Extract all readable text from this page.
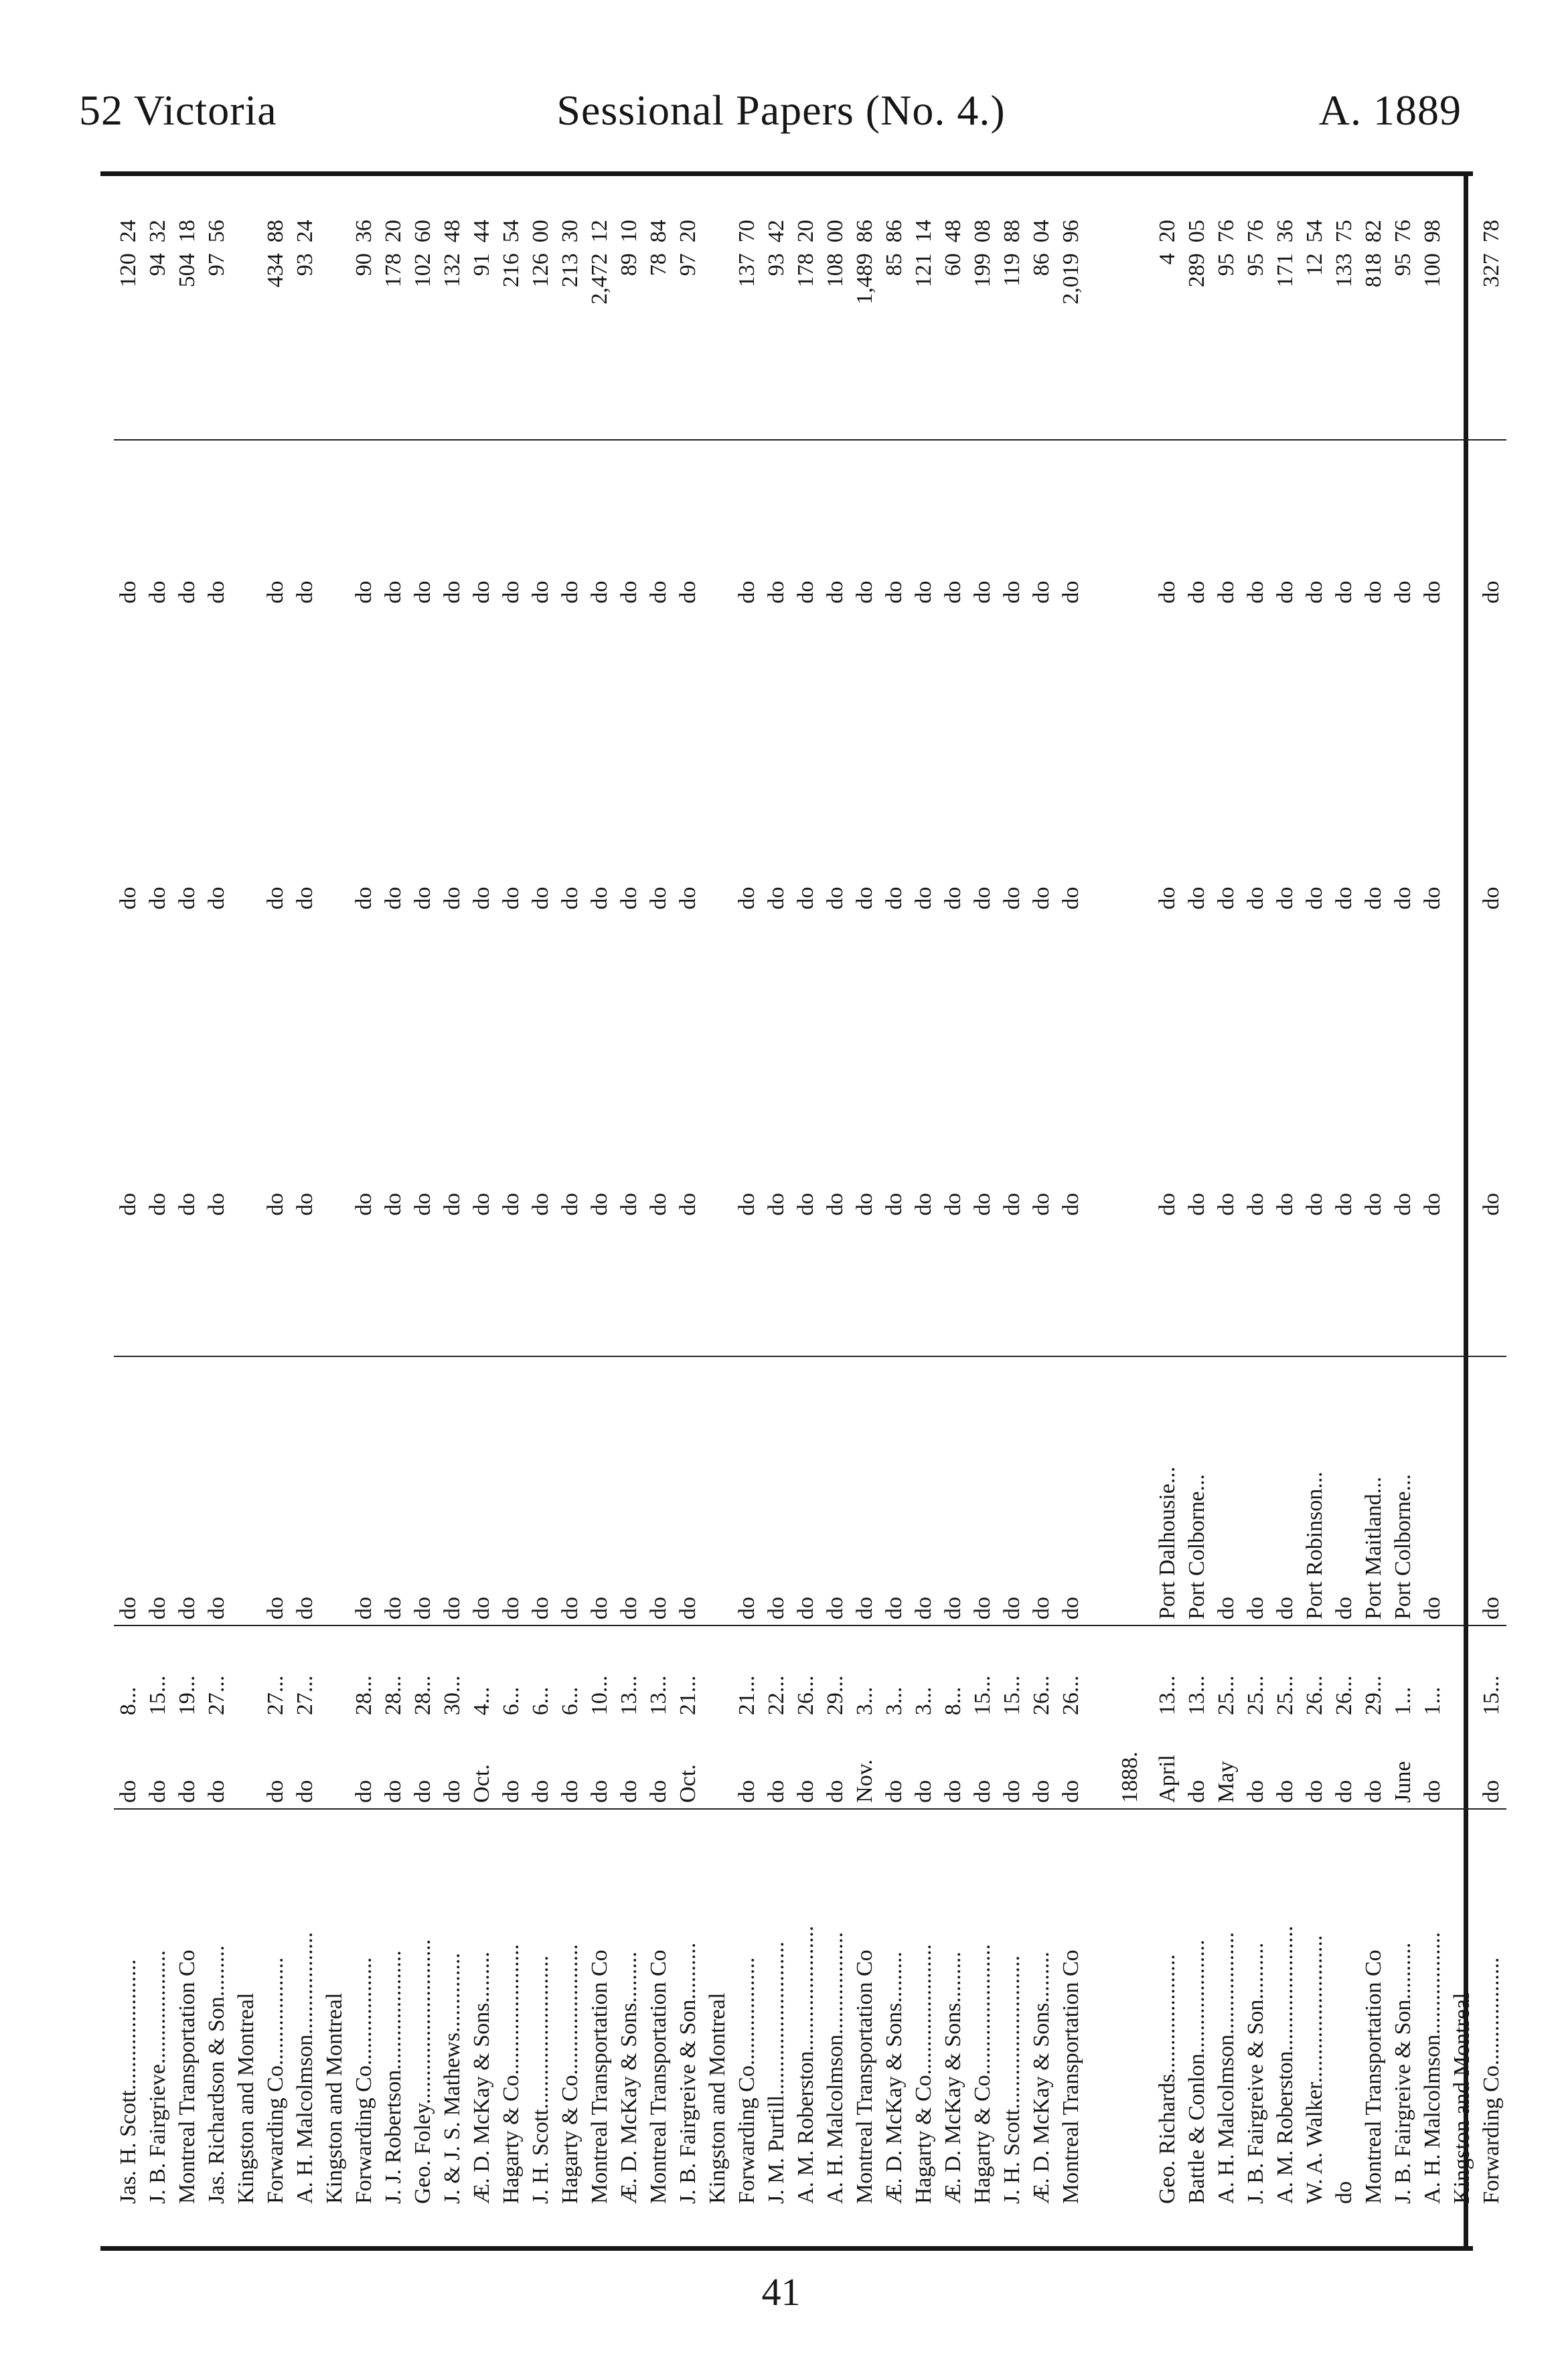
52 Victoria	Sessional Papers (No. 4.)	A. 1889
Jas. H. Scott.......................	do	8...	do	do	do	do	120	24
J. B. Fairgrieve....................	do	15...	do	do	do	do	94	32
Montreal Transportation Co	do	19...	do	do	do	do	504	18
Jas. Richardson & Son.........	do	27...	do	do	do	do	97	56
Kingston and Montreal								
Forwarding Co...................	do	27...	do	do	do	do	434	88
A. H. Malcolmson..................	do	27...	do	do	do	do	93	24
Kingston and Montreal								
Forwarding Co...................	do	28...	do	do	do	do	90	36
J. J. Robertson.....................	do	28...	do	do	do	do	178	20
Geo. Foley.............................	do	28...	do	do	do	do	102	60
J. & J. S. Mathews..............	do	30...	do	do	do	do	132	48
Æ. D. McKay & Sons.........	Oct.	4...	do	do	do	do	91	44
Hagarty & Co.......................	do	6...	do	do	do	do	216	54
J. H. Scott...........................	do	6...	do	do	do	do	126	00
Hagarty & Co.......................	do	6...	do	do	do	do	213	30
Montreal Transportation Co	do	10...	do	do	do	do	2,472	12
Æ. D. McKay & Sons.........	do	13...	do	do	do	do	89	10
Montreal Transportation Co	do	13...	do	do	do	do	78	84
J. B. Fairgreive & Son..........	Oct.	21...	do	do	do	do	97	20
Kingston and Montreal								
Forwarding Co...................	do	21...	do	do	do	do	137	70
J. M. Purtill...........................	do	22...	do	do	do	do	93	42
A. M. Roberston......................	do	26...	do	do	do	do	178	20
A. H. Malcolmson..................	do	29...	do	do	do	do	108	00
Montreal Transportation Co	Nov.	3...	do	do	do	do	1,489	86
Æ. D. McKay & Sons.........	do	3...	do	do	do	do	85	86
Hagarty & Co.......................	do	3...	do	do	do	do	121	14
Æ. D. McKay & Sons.........	do	8...	do	do	do	do	60	48
Hagarty & Co.......................	do	15...	do	do	do	do	199	08
J. H. Scott...........................	do	15...	do	do	do	do	119	88
Æ. D. McKay & Sons.........	do	26...	do	do	do	do	86	04
Montreal Transportation Co	do	26...	do	do	do	do	2,019	96
	1888.							
Geo. Richards.....................	April	13...	Port Dalhousie...	do	do	do	4	20
Battle & Conlon....................	do	13...	Port Colborne...	do	do	do	289	05
A. H. Malcolmson..................	May	25...	do	do	do	do	95	76
J. B. Fairgreive & Son..........	do	25...	do	do	do	do	95	76
A. M. Roberston......................	do	25...	do	do	do	do	171	36
W. A. Walker..........................	do	26...	Port Robinson...	do	do	do	12	54
do	do	26...	do	do	do	do	133	75
Montreal Transportation Co	do	29...	Port Maitland...	do	do	do	818	82
J. B. Fairgreive & Son..........	June	1...	Port Colborne...	do	do	do	95	76
A. H. Malcolmson..................	do	1...	do	do	do	do	100	98
Kingston and Montreal								
Forwarding Co...................	do	15...	do	do	do	do	327	78
41
